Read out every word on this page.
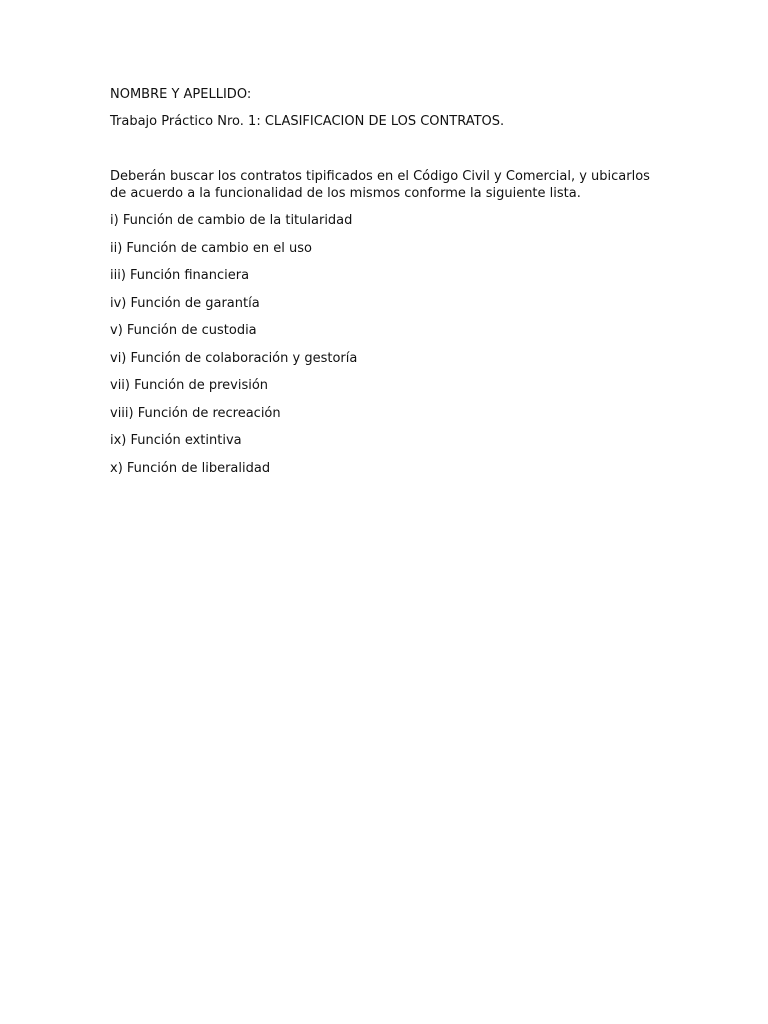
NOMBRE Y APELLIDO:

Trabajo Práctico Nro. 1: CLASIFICACION DE LOS CONTRATOS.

Deberán buscar los contratos tipificados en el Código Civil y Comercial, y ubicarlos de acuerdo a la funcionalidad de los mismos conforme la siguiente lista.

i) Función de cambio de la titularidad

ii) Función de cambio en el uso

iii) Función financiera

iv) Función de garantía

v) Función de custodia

vi) Función de colaboración y gestoría

vii) Función de previsión

viii) Función de recreación

ix) Función extintiva

x) Función de liberalidad
